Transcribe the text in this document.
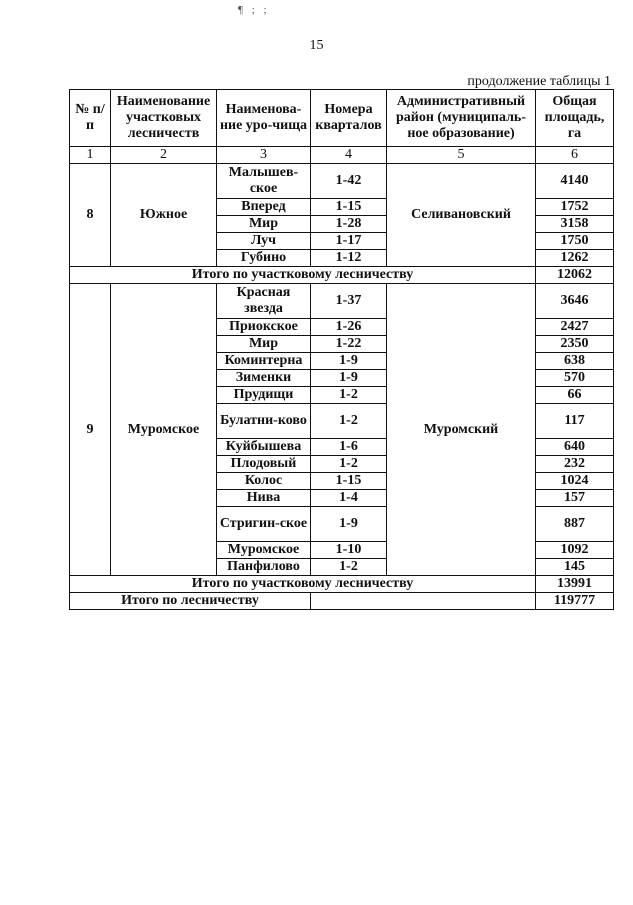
¶ ; ;
15
продолжение таблицы 1
№ п/п	Наименование участковых лесничеств	Наименова-ние уро-чища	Номера кварталов	Административный район (муниципаль-ное образование)	Общая площадь, га
1	2	3	4	5	6
8	Южное	Малышев-ское	1-42	Селивановский	4140
		Вперед	1-15		1752
		Мир	1-28		3158
		Луч	1-17		1750
		Губино	1-12		1262
Итого по участковому лесничеству					12062
9	Муромское	Красная звезда	1-37	Муромский	3646
		Приокское	1-26		2427
		Мир	1-22		2350
		Коминтерна	1-9		638
		Зименки	1-9		570
		Прудищи	1-2		66
		Булатни-ково	1-2		117
		Куйбышева	1-6		640
		Плодовый	1-2		232
		Колос	1-15		1024
		Нива	1-4		157
		Стригин-ское	1-9		887
		Муромское	1-10		1092
		Панфилово	1-2		145
Итого по участковому лесничеству					13991
Итого по лесничеству					119777
